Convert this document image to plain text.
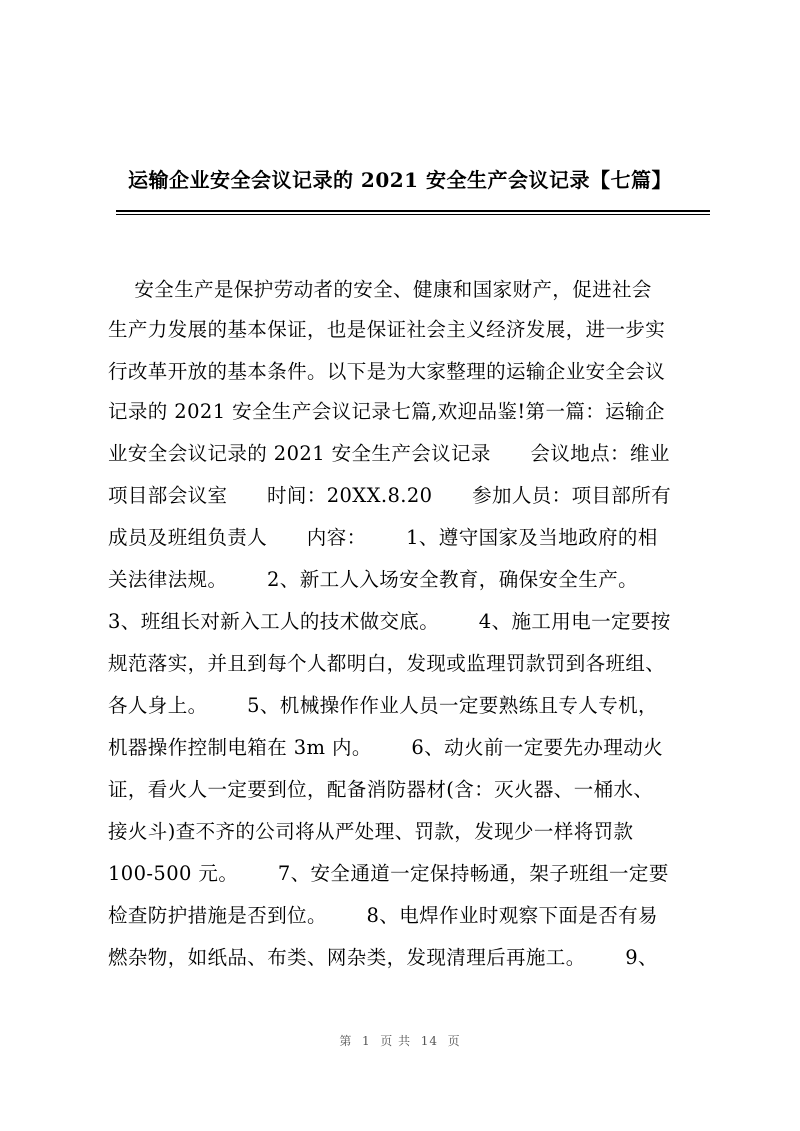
运输企业安全会议记录的 2021 安全生产会议记录【七篇】
安全生产是保护劳动者的安全、健康和国家财产，促进社会
生产力发展的基本保证，也是保证社会主义经济发展，进一步实
行改革开放的基本条件。以下是为大家整理的运输企业安全会议
记录的 2021 安全生产会议记录七篇,欢迎品鉴!第一篇：运输企
业安全会议记录的 2021 安全生产会议记录      会议地点：维业
项目部会议室      时间：20XX.8.20      参加人员：项目部所有
成员及班组负责人      内容：      1、遵守国家及当地政府的相
关法律法规。      2、新工人入场安全教育，确保安全生产。
3、班组长对新入工人的技术做交底。      4、施工用电一定要按
规范落实，并且到每个人都明白，发现或监理罚款罚到各班组、
各人身上。      5、机械操作作业人员一定要熟练且专人专机，
机器操作控制电箱在 3m 内。      6、动火前一定要先办理动火
证，看火人一定要到位，配备消防器材(含：灭火器、一桶水、
接火斗)查不齐的公司将从严处理、罚款，发现少一样将罚款
100-500 元。      7、安全通道一定保持畅通，架子班组一定要
检查防护措施是否到位。      8、电焊作业时观察下面是否有易
燃杂物，如纸品、布类、网杂类，发现清理后再施工。      9、
第  1  页 共  14  页
